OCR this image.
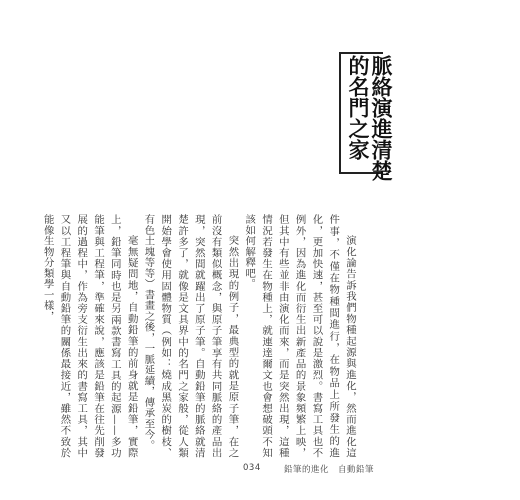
脈絡演進清楚
的名門之家

演化論告訴我們物種起源與進化，然而進化這件事，不僅在物種間進行，在物品上所發生的進化，更加快速，甚至可以說是激烈。書寫工具也不例外，因為進化而衍生出新產品的景象頻繁上映，但其中有些並非由演化而來，而是突然出現，這種情況若發生在物種上，就連達爾文也會想破頭不知該如何解釋吧。

突然出現的例子，最典型的就是原子筆，在之前沒有類似概念，與原子筆享有共同脈絡的產品出現，突然間就躍出了原子筆。自動鉛筆的脈絡就清楚許多了，就像是文具界中的名門之家般，從人類開始學會使用固體物質（例如：燒成黑炭的樹枝、有色土塊等等）書畫之後，一脈延續，傳承至今。

毫無疑問地，自動鉛筆的前身就是鉛筆，實際上，鉛筆同時也是另兩款書寫工具的起源——多功能筆與工程筆，準確來說，應該是鉛筆在往先削發展的過程中，作為旁支衍生出來的書寫工具，其中又以工程筆與自動鉛筆的關係最接近，雖然不致於能像生物分類學一樣，

034	鉛筆的進化　自動鉛筆
